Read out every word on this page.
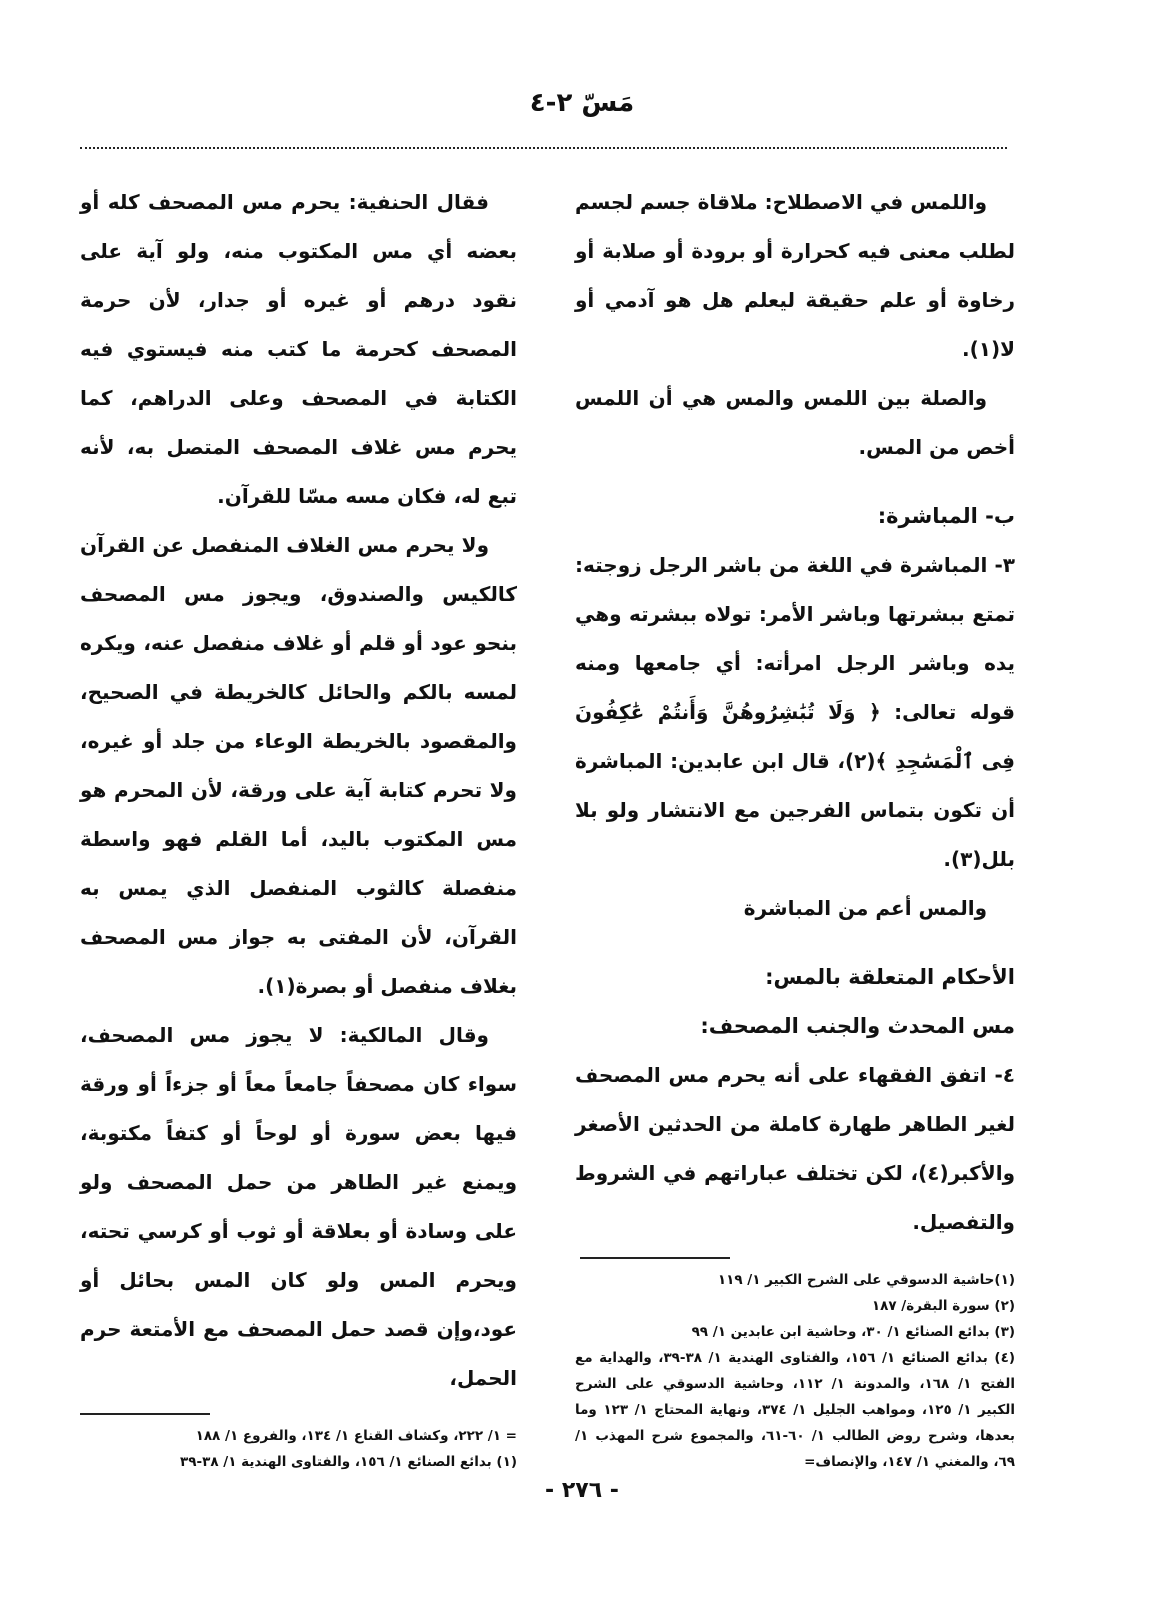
مَسّ ٢-٤

واللمس في الاصطلاح: ملاقاة جسم لجسم لطلب معنى فيه كحرارة أو برودة أو صلابة أو رخاوة أو علم حقيقة ليعلم هل هو آدمي أو لا(١).

والصلة بين اللمس والمس هي أن اللمس أخص من المس.

ب- المباشرة:

٣- المباشرة في اللغة من باشر الرجل زوجته: تمتع ببشرتها وباشر الأمر: تولاه ببشرته وهي يده وباشر الرجل امرأته: أي جامعها ومنه قوله تعالى: ﴿ وَلَا تُبَٰشِرُوهُنَّ وَأَنتُمْ عَٰكِفُونَ فِى ٱلْمَسَٰجِدِ ﴾(٢)، قال ابن عابدين: المباشرة أن تكون بتماس الفرجين مع الانتشار ولو بلا بلل(٣).

والمس أعم من المباشرة

الأحكام المتعلقة بالمس:

مس المحدث والجنب المصحف:

٤- اتفق الفقهاء على أنه يحرم مس المصحف لغير الطاهر طهارة كاملة من الحدثين الأصغر والأكبر(٤)، لكن تختلف عباراتهم في الشروط والتفصيل.

(١)حاشية الدسوقي على الشرح الكبير ١/ ١١٩

(٢) سورة البقرة/ ١٨٧

(٣) بدائع الصنائع ١/ ٣٠، وحاشية ابن عابدين ١/ ٩٩

(٤) بدائع الصنائع ١/ ١٥٦، والفتاوى الهندية ١/ ٣٨-٣٩، والهداية مع الفتح ١/ ١٦٨، والمدونة ١/ ١١٢، وحاشية الدسوقي على الشرح الكبير ١/ ١٢٥، ومواهب الجليل ١/ ٣٧٤، ونهاية المحتاج ١/ ١٢٣ وما بعدها، وشرح روض الطالب ١/ ٦٠-٦١، والمجموع شرح المهذب ١/ ٦٩، والمغني ١/ ١٤٧، والإنصاف=

فقال الحنفية: يحرم مس المصحف كله أو بعضه أي مس المكتوب منه، ولو آية على نقود درهم أو غيره أو جدار، لأن حرمة المصحف كحرمة ما كتب منه فيستوي فيه الكتابة في المصحف وعلى الدراهم، كما يحرم مس غلاف المصحف المتصل به، لأنه تبع له، فكان مسه مسّا للقرآن.

ولا يحرم مس الغلاف المنفصل عن القرآن كالكيس والصندوق، ويجوز مس المصحف بنحو عود أو قلم أو غلاف منفصل عنه، ويكره لمسه بالكم والحائل كالخريطة في الصحيح، والمقصود بالخريطة الوعاء من جلد أو غيره، ولا تحرم كتابة آية على ورقة، لأن المحرم هو مس المكتوب باليد، أما القلم فهو واسطة منفصلة كالثوب المنفصل الذي يمس به القرآن، لأن المفتى به جواز مس المصحف بغلاف منفصل أو بصرة(١).

وقال المالكية: لا يجوز مس المصحف، سواء كان مصحفاً جامعاً معاً أو جزءاً أو ورقة فيها بعض سورة أو لوحاً أو كتفاً مكتوبة، ويمنع غير الطاهر من حمل المصحف ولو على وسادة أو بعلاقة أو ثوب أو كرسي تحته، ويحرم المس ولو كان المس بحائل أو عود،وإن قصد حمل المصحف مع الأمتعة حرم الحمل،

= ١/ ٢٢٢، وكشاف القناع ١/ ١٣٤، والفروع ١/ ١٨٨

(١) بدائع الصنائع ١/ ١٥٦، والفتاوى الهندية ١/ ٣٨-٣٩

- ٢٧٦ -
